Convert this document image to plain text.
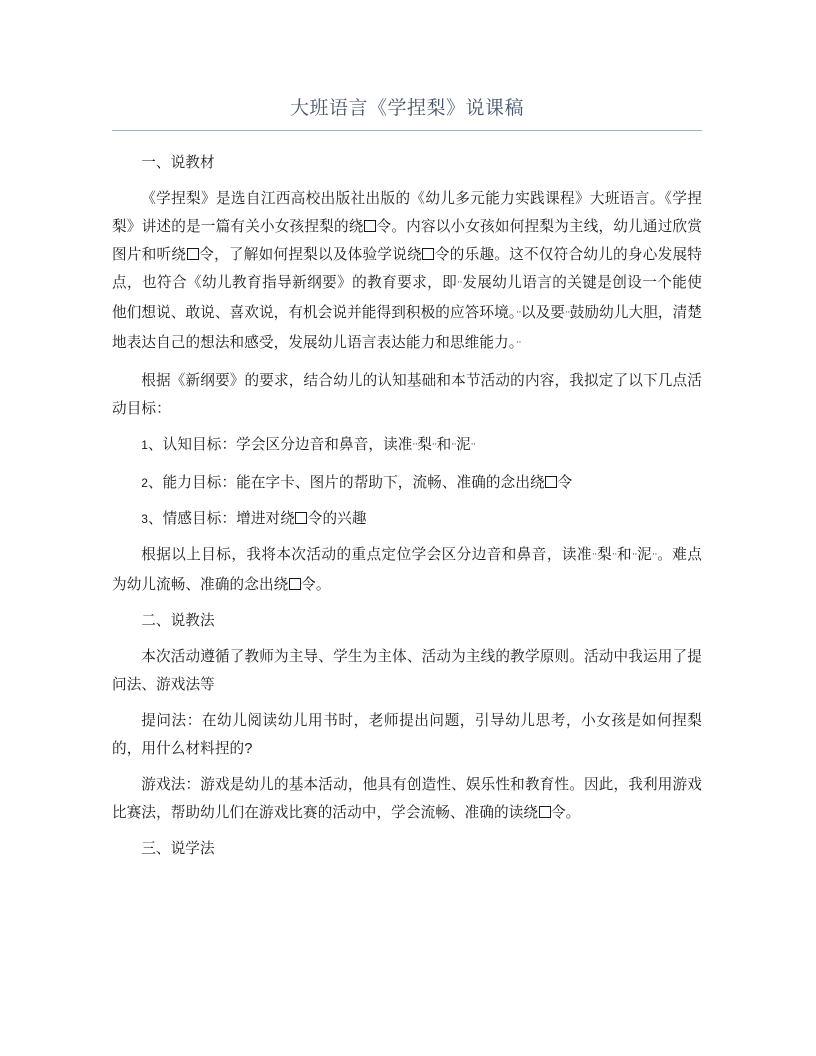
大班语言《学捏梨》说课稿

一、说教材

《学捏梨》是选自江西高校出版社出版的《幼儿多元能力实践课程》大班语言。《学捏梨》讲述的是一篇有关小女孩捏梨的绕 令。内容以小女孩如何捏梨为主线，幼儿通过欣赏图片和听绕 令，了解如何捏梨以及体验学说绕 令的乐趣。这不仅符合幼儿的身心发展特点，也符合《幼儿教育指导新纲要》的教育要求，即··发展幼儿语言的关键是创设一个能使他们想说、敢说、喜欢说，有机会说并能得到积极的应答环境。··以及要··鼓励幼儿大胆，清楚地表达自己的想法和感受，发展幼儿语言表达能力和思维能力。··

根据《新纲要》的要求，结合幼儿的认知基础和本节活动的内容，我拟定了以下几点活动目标：

1、认知目标：学会区分边音和鼻音，读准··梨··和··泥··

2、能力目标：能在字卡、图片的帮助下，流畅、准确的念出绕 令

3、情感目标：增进对绕 令的兴趣

根据以上目标，我将本次活动的重点定位学会区分边音和鼻音，读准··梨··和··泥··。难点为幼儿流畅、准确的念出绕 令。

二、说教法

本次活动遵循了教师为主导、学生为主体、活动为主线的教学原则。活动中我运用了提问法、游戏法等

提问法：在幼儿阅读幼儿用书时，老师提出问题，引导幼儿思考，小女孩是如何捏梨的，用什么材料捏的?

游戏法：游戏是幼儿的基本活动，他具有创造性、娱乐性和教育性。因此，我利用游戏比赛法，帮助幼儿们在游戏比赛的活动中，学会流畅、准确的读绕 令。

三、说学法
